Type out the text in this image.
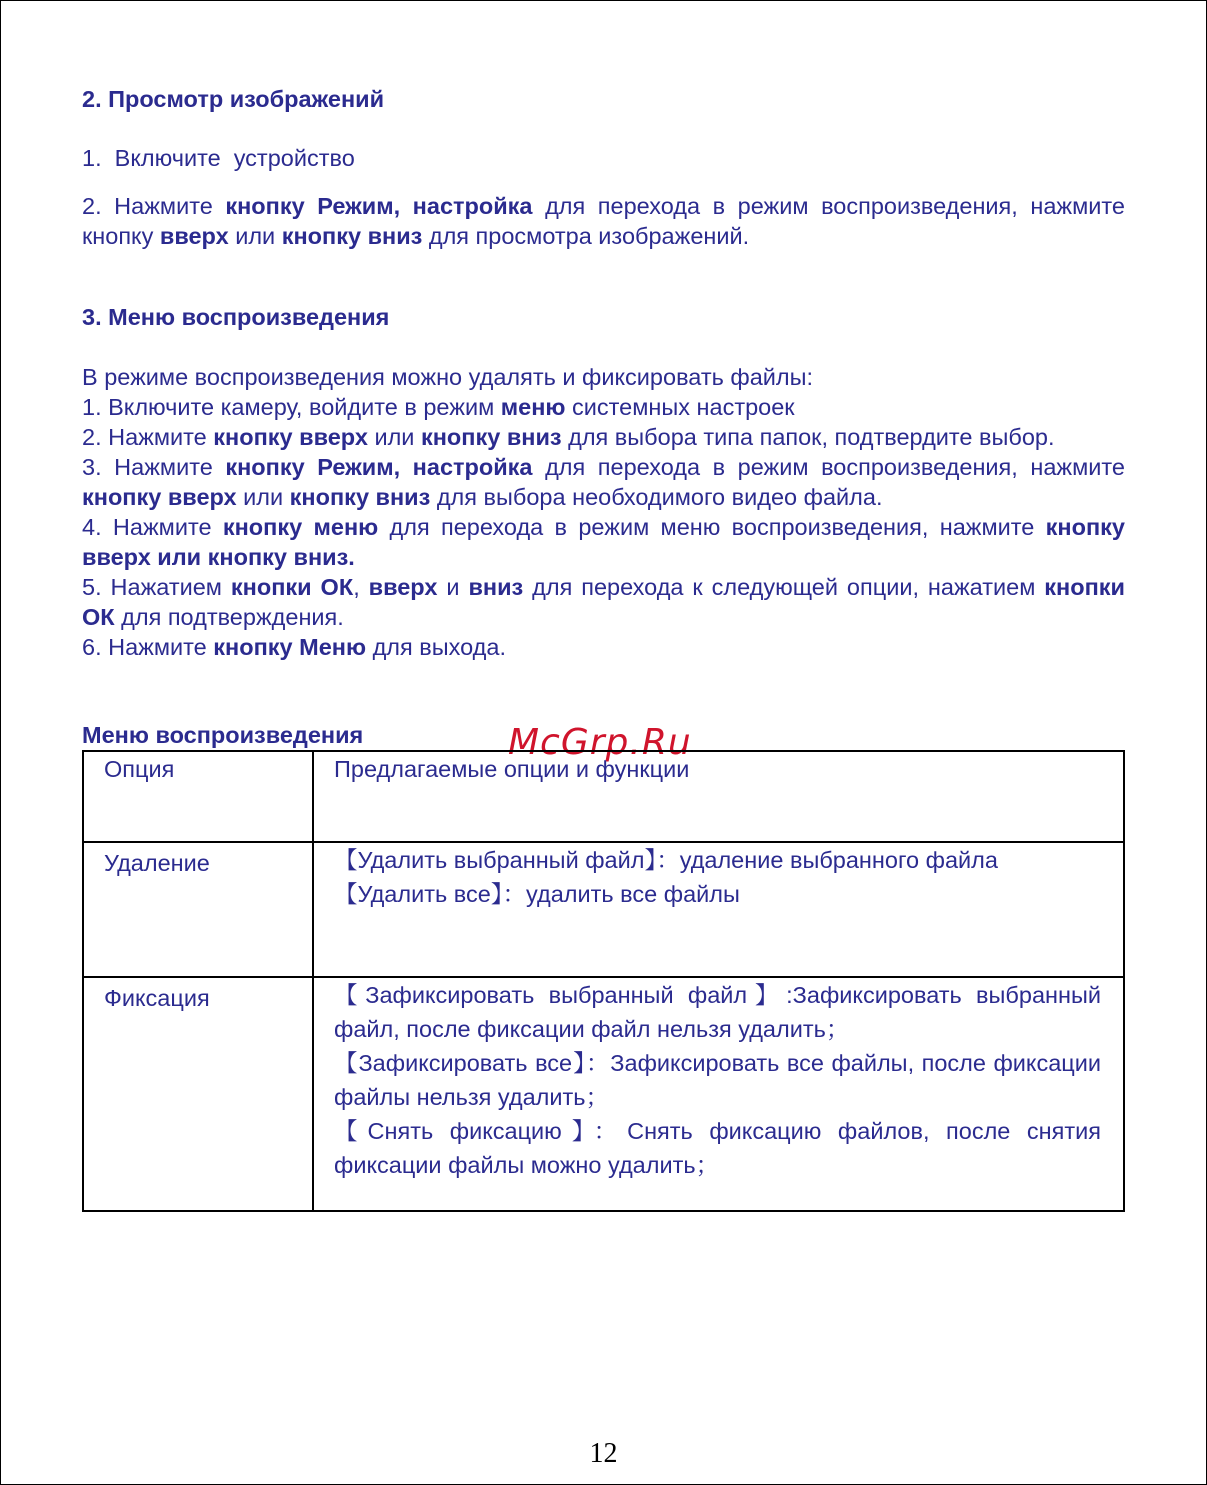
2. Просмотр изображений
1.  Включите  устройство
2. Нажмите кнопку Режим, настройка для перехода в режим воспроизведения, нажмите кнопку вверх или кнопку вниз для просмотра изображений.
3. Меню воспроизведения
В режиме воспроизведения можно удалять и фиксировать файлы:
1. Включите камеру, войдите в режим меню системных настроек
2. Нажмите кнопку вверх или кнопку вниз для выбора типа папок, подтвердите выбор.
3. Нажмите кнопку Режим, настройка для перехода в режим воспроизведения, нажмите кнопку вверх или кнопку вниз для выбора необходимого видео файла.
4. Нажмите кнопку меню для перехода в режим меню воспроизведения, нажмите кнопку вверх или кнопку вниз.
5. Нажатием кнопки ОК, вверх и вниз для перехода к следующей опции, нажатием кнопки ОК для подтверждения.
6. Нажмите кнопку Меню для выхода.
Меню воспроизведения	McGrp.Ru
Опция	Предлагаемые опции и функции
Удаление	【Удалить выбранный файл】：удаление выбранного файла
【Удалить все】：удалить все файлы

Фиксация	【Зафиксировать выбранный файл】:Зафиксировать выбранный файл, после фиксации файл нельзя удалить；
【Зафиксировать все】：Зафиксировать все файлы, после фиксации файлы нельзя удалить；
【Снять фиксацию】：Снять фиксацию файлов, после снятия фиксации файлы можно удалить；
12
